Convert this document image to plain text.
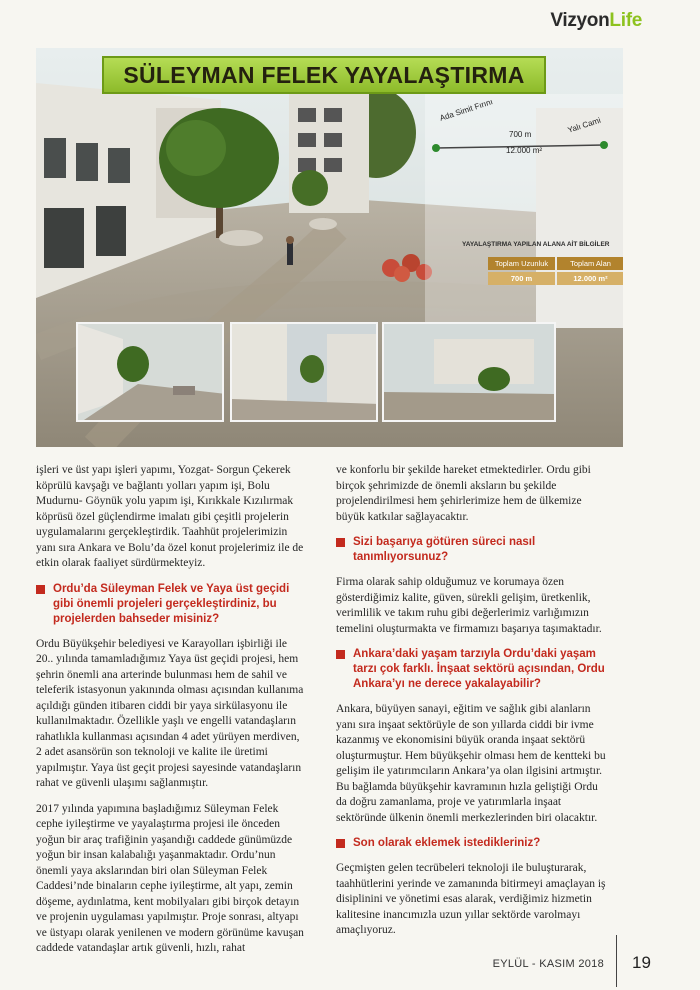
VizyonLife
SÜLEYMAN FELEK YAYALAŞTIRMA
Ada Simit Fırını
Yalı Cami
700 m
12.000 m²
YAYALAŞTIRMA YAPILAN ALANA AİT BİLGİLER
Toplam Uzunluk	Toplam Alan
700 m	12.000 m²

işleri ve üst yapı işleri yapımı, Yozgat- Sorgun Çekerek köprülü kavşağı ve bağlantı yolları yapım işi, Bolu Mudurnu- Göynük yolu yapım işi, Kırıkkale Kızılırmak köprüsü özel güçlendirme imalatı gibi çeşitli projelerin uygulamalarını gerçekleştirdik. Taahhüt projelerimizin yanı sıra Ankara ve Bolu’da özel konut projelerimiz ile de etkin olarak faaliyet sürdürmekteyiz.

Ordu’da Süleyman Felek ve Yaya üst geçidi gibi önemli projeleri gerçekleştirdiniz, bu projelerden bahseder misiniz?

Ordu Büyükşehir belediyesi ve Karayolları işbirliği ile 20.. yılında tamamladığımız Yaya üst geçidi projesi, hem şehrin önemli ana arterinde bulunması hem de sahil ve teleferik istasyonun yakınında olması açısından kullanıma açıldığı günden itibaren ciddi bir yaya sirkülasyonu ile kullanılmaktadır. Özellikle yaşlı ve engelli vatandaşların rahatlıkla kullanması açısından 4 adet yürüyen merdiven, 2 adet asansörün son teknoloji ve kalite ile üretimi yapılmıştır. Yaya üst geçit projesi sayesinde vatandaşların rahat ve güvenli ulaşımı sağlanmıştır.

2017 yılında yapımına başladığımız Süleyman Felek cephe iyileştirme ve yayalaştırma projesi ile önceden yoğun bir araç trafiğinin yaşandığı caddede günümüzde yoğun bir insan kalabalığı yaşanmaktadır. Ordu’nun önemli yaya akslarından biri olan Süleyman Felek Caddesi’nde binaların cephe iyileştirme, alt yapı, zemin döşeme, aydınlatma, kent mobilyaları gibi birçok detayın ve projenin uygulaması yapılmıştır. Proje sonrası, altyapı ve üstyapı olarak yenilenen ve modern görünüme kavuşan caddede vatandaşlar artık güvenli, hızlı, rahat

ve konforlu bir şekilde hareket etmektedirler. Ordu gibi birçok şehrimizde de önemli aksların bu şekilde projelendirilmesi hem şehirlerimize hem de ülkemize büyük katkılar sağlayacaktır.

Sizi başarıya götüren süreci nasıl tanımlıyorsunuz?

Firma olarak sahip olduğumuz ve korumaya özen gösterdiğimiz kalite, güven, sürekli gelişim, üretkenlik, verimlilik ve takım ruhu gibi değerlerimiz varlığımızın temelini oluşturmakta ve firmamızı başarıya taşımaktadır.

Ankara’daki yaşam tarzıyla Ordu’daki yaşam tarzı çok farklı. İnşaat sektörü açısından, Ordu Ankara’yı ne derece yakalayabilir?

Ankara, büyüyen sanayi, eğitim ve sağlık gibi alanların yanı sıra inşaat sektörüyle de son yıllarda ciddi bir ivme kazanmış ve ekonomisini büyük oranda inşaat sektörü oluşturmuştur. Hem büyükşehir olması hem de kentteki bu gelişim ile yatırımcıların Ankara’ya olan ilgisini artmıştır. Bu bağlamda büyükşehir kavramının hızla geliştiği Ordu da doğru zamanlama, proje ve yatırımlarla inşaat sektöründe ülkenin önemli merkezlerinden biri olacaktır.

Son olarak eklemek istedikleriniz?

Geçmişten gelen tecrübeleri teknoloji ile buluşturarak, taahhütlerini yerinde ve zamanında bitirmeyi amaçlayan iş disiplinini ve yönetimi esas alarak, verdiğimiz hizmetin kalitesine inancımızla uzun yıllar sektörde varolmayı amaçlıyoruz.

EYLÜL - KASIM 2018 19
